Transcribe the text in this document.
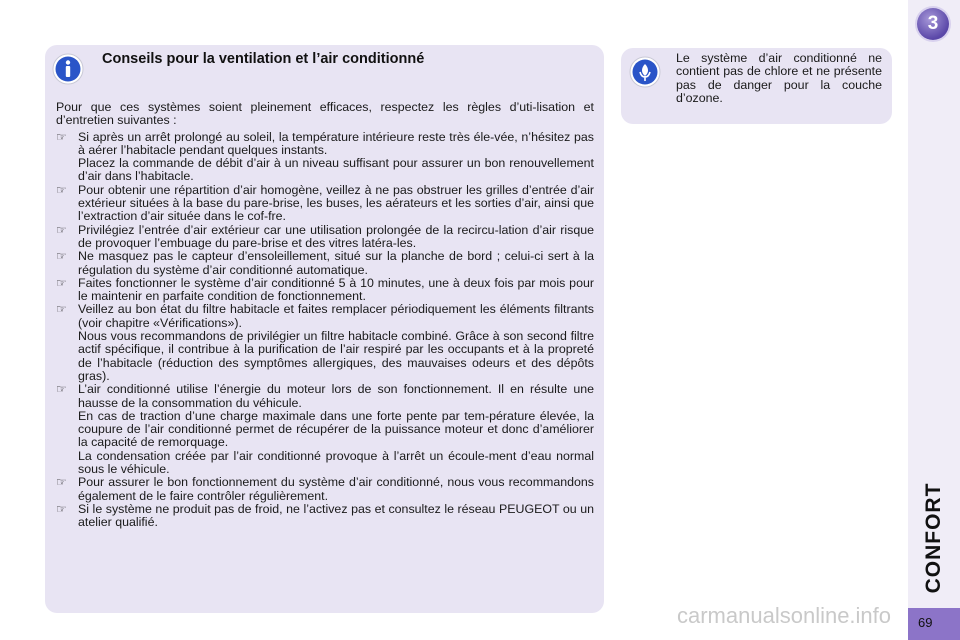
3
CONFORT
69
Conseils pour la ventilation et l’air conditionné

Pour que ces systèmes soient pleinement efficaces, respectez les règles d’uti-lisation et d’entretien suivantes :

☞ Si après un arrêt prolongé au soleil, la température intérieure reste très éle-vée, n’hésitez pas à aérer l’habitacle pendant quelques instants.

Placez la commande de débit d’air à un niveau suffisant pour assurer un bon renouvellement d’air dans l’habitacle.

☞ Pour obtenir une répartition d’air homogène, veillez à ne pas obstruer les grilles d’entrée d’air extérieur situées à la base du pare-brise, les buses, les aérateurs et les sorties d’air, ainsi que l’extraction d’air située dans le cof-fre.

☞ Privilégiez l’entrée d’air extérieur car une utilisation prolongée de la recircu-lation d’air risque de provoquer l’embuage du pare-brise et des vitres latéra-les.

☞ Ne masquez pas le capteur d’ensoleillement, situé sur la planche de bord ; celui-ci sert à la régulation du système d’air conditionné automatique.

☞ Faites fonctionner le système d’air conditionné 5 à 10 minutes, une à deux fois par mois pour le maintenir en parfaite condition de fonctionnement.

☞ Veillez au bon état du filtre habitacle et faites remplacer périodiquement les éléments filtrants (voir chapitre «Vérifications»).

Nous vous recommandons de privilégier un filtre habitacle combiné. Grâce à son second filtre actif spécifique, il contribue à la purification de l’air respiré par les occupants et à la propreté de l’habitacle (réduction des symptômes allergiques, des mauvaises odeurs et des dépôts gras).

☞ L’air conditionné utilise l’énergie du moteur lors de son fonctionnement. Il en résulte une hausse de la consommation du véhicule.

En cas de traction d’une charge maximale dans une forte pente par tem-pérature élevée, la coupure de l’air conditionné permet de récupérer de la puissance moteur et donc d’améliorer la capacité de remorquage.

La condensation créée par l’air conditionné provoque à l’arrêt un écoule-ment d’eau normal sous le véhicule.

☞ Pour assurer le bon fonctionnement du système d’air conditionné, nous vous recommandons également de le faire contrôler régulièrement.

☞ Si le système ne produit pas de froid, ne l’activez pas et consultez le réseau PEUGEOT ou un atelier qualifié.

Le système d’air conditionné ne contient pas de chlore et ne présente pas de danger pour la couche d’ozone.
carmanualsonline.info
